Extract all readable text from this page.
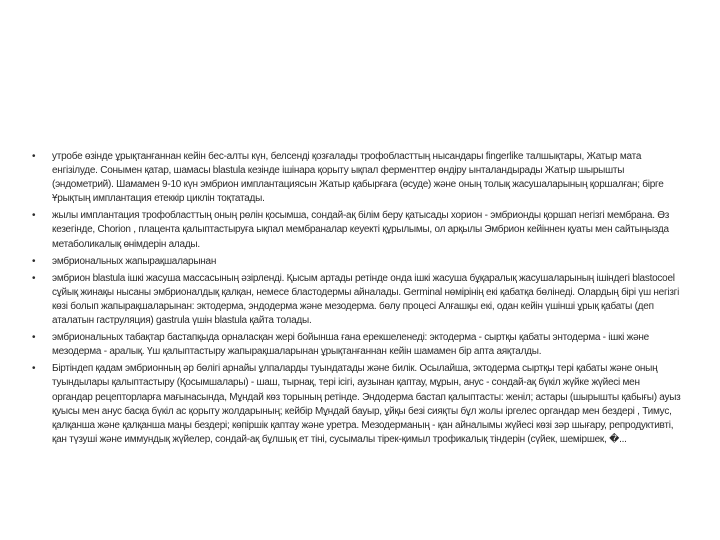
• утробе өзінде ұрықтанғаннан кейін бес-алты күн, белсенді қозғалады трофобласттың нысандары fingerlike талшықтары, Жатыр мата енгізілуде. Сонымен қатар, шамасы blastula кезінде ішінара қорыту ықпал ферменттер өндіру ынталандырады Жатыр шырышты (эндометрий). Шамамен 9-10 күн эмбрион имплантациясын Жатыр қабырғаға (өсуде) және оның толық жасушаларының қоршалған; бірге Ұрықтың имплантация етеккір циклін тоқтатады.
• жылы имплантация трофобласттың оның рөлін қосымша, сондай-ақ білім беру қатысады хорион - эмбрионды қоршап негізгі мембрана. Өз кезегінде, Chorion , плацента қалыптастыруға ықпал мембраналар кеуекті құрылымы, ол арқылы Эмбрион кейіннен қуаты мен сайтыңызда метаболикалық өнімдерін алады.
• эмбриональных жапырақшаларынан
• эмбрион blastula ішкі жасуша массасының әзірленді. Қысым артады ретінде онда ішкі жасуша бұқаралық жасушаларының ішіндегі blastocoel сұйық жинақы нысаны эмбрионалдық қалқан, немесе бластодермы айналады. Germinal нөмірінің екі қабатқа бөлінеді. Олардың бірі үш негізгі көзі болып жапырақшаларынан: эктодерма, эндодерма және мезодерма. бөлу процесі Алғашқы екі, одан кейін үшінші ұрық қабаты (деп аталатын гаструляция) gastrula үшін blastula қайта толады.
• эмбриональных табақтар бастапқыда орналасқан жері бойынша ғана ерекшеленеді: эктодерма - сыртқы қабаты энтодерма - ішкі және мезодерма - аралық. Үш қалыптастыру жапырақшаларынан ұрықтанғаннан кейін шамамен бір апта аяқталды.
• Біртіндеп қадам эмбрионның әр бөлігі арнайы ұлпаларды туындатады және билік. Осылайша, эктодерма сыртқы тері қабаты және оның туындылары қалыптастыру (Қосымшалары) - шаш, тырнақ, тері ісігі, аузынан қаптау, мұрын, анус - сондай-ақ бүкіл жүйке жүйесі мен органдар рецепторларға мағынасында, Мұндай көз торының ретінде. Эндодерма бастап қалыптасты: женіл; астары (шырышты қабығы) ауыз қуысы мен анус басқа бүкіл ас қорыту жолдарының; кейбір Мұндай бауыр, ұйқы безі сияқты бұл жолы іргелес органдар мен бездері , Тимус, қалқанша және қалқанша маңы бездері; көпіршік қаптау және уретра. Мезодерманың - қан айналымы жүйесі көзі зәр шығару, репродуктивті, қан түзуші және иммундық жүйелер, сондай-ақ бұлшық ет тіні, сусымалы тірек-қимыл трофикалық тіндерін (сүйек, шеміршек, �...
